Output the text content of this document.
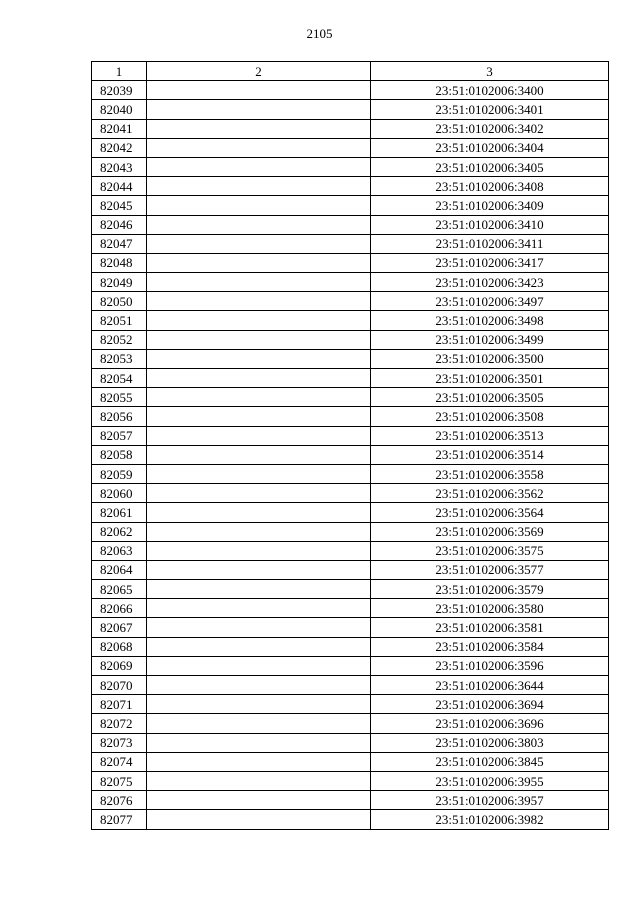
2105
1	2	3
82039		23:51:0102006:3400
82040		23:51:0102006:3401
82041		23:51:0102006:3402
82042		23:51:0102006:3404
82043		23:51:0102006:3405
82044		23:51:0102006:3408
82045		23:51:0102006:3409
82046		23:51:0102006:3410
82047		23:51:0102006:3411
82048		23:51:0102006:3417
82049		23:51:0102006:3423
82050		23:51:0102006:3497
82051		23:51:0102006:3498
82052		23:51:0102006:3499
82053		23:51:0102006:3500
82054		23:51:0102006:3501
82055		23:51:0102006:3505
82056		23:51:0102006:3508
82057		23:51:0102006:3513
82058		23:51:0102006:3514
82059		23:51:0102006:3558
82060		23:51:0102006:3562
82061		23:51:0102006:3564
82062		23:51:0102006:3569
82063		23:51:0102006:3575
82064		23:51:0102006:3577
82065		23:51:0102006:3579
82066		23:51:0102006:3580
82067		23:51:0102006:3581
82068		23:51:0102006:3584
82069		23:51:0102006:3596
82070		23:51:0102006:3644
82071		23:51:0102006:3694
82072		23:51:0102006:3696
82073		23:51:0102006:3803
82074		23:51:0102006:3845
82075		23:51:0102006:3955
82076		23:51:0102006:3957
82077		23:51:0102006:3982
